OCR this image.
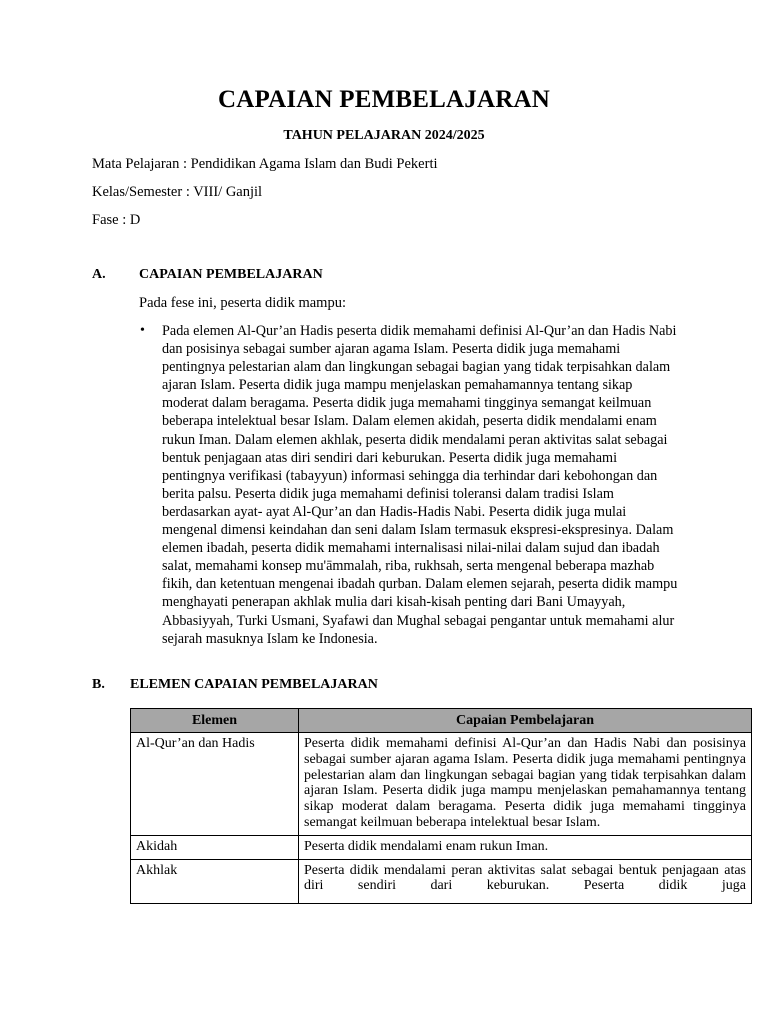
CAPAIAN PEMBELAJARAN
TAHUN PELAJARAN 2024/2025
Mata Pelajaran : Pendidikan Agama Islam dan Budi Pekerti
Kelas/Semester : VIII/ Ganjil
Fase : D
A. CAPAIAN PEMBELAJARAN
Pada fese ini, peserta didik mampu:
• Pada elemen Al-Qur’an Hadis peserta didik memahami definisi Al-Qur’an dan Hadis Nabi dan posisinya sebagai sumber ajaran agama Islam. Peserta didik juga memahami pentingnya pelestarian alam dan lingkungan sebagai bagian yang tidak terpisahkan dalam ajaran Islam. Peserta didik juga mampu menjelaskan pemahamannya tentang sikap moderat dalam beragama. Peserta didik juga memahami tingginya semangat keilmuan beberapa intelektual besar Islam. Dalam elemen akidah, peserta didik mendalami enam rukun Iman. Dalam elemen akhlak, peserta didik mendalami peran aktivitas salat sebagai bentuk penjagaan atas diri sendiri dari keburukan. Peserta didik juga memahami pentingnya verifikasi (tabayyun) informasi sehingga dia terhindar dari kebohongan dan berita palsu. Peserta didik juga memahami definisi toleransi dalam tradisi Islam berdasarkan ayat- ayat Al-Qur’an dan Hadis-Hadis Nabi. Peserta didik juga mulai mengenal dimensi keindahan dan seni dalam Islam termasuk ekspresi-ekspresinya. Dalam elemen ibadah, peserta didik memahami internalisasi nilai-nilai dalam sujud dan ibadah salat, memahami konsep mu'āmmalah, riba, rukhsah, serta mengenal beberapa mazhab fikih, dan ketentuan mengenai ibadah qurban. Dalam elemen sejarah, peserta didik mampu menghayati penerapan akhlak mulia dari kisah-kisah penting dari Bani Umayyah, Abbasiyyah, Turki Usmani, Syafawi dan Mughal sebagai pengantar untuk memahami alur sejarah masuknya Islam ke Indonesia.
B. ELEMEN CAPAIAN PEMBELAJARAN
Elemen	Capaian Pembelajaran
Al-Qur’an dan Hadis	Peserta didik memahami definisi Al-Qur’an dan Hadis Nabi dan posisinya sebagai sumber ajaran agama Islam. Peserta didik juga memahami pentingnya pelestarian alam dan lingkungan sebagai bagian yang tidak terpisahkan dalam ajaran Islam. Peserta didik juga mampu menjelaskan pemahamannya tentang sikap moderat dalam beragama. Peserta didik juga memahami tingginya semangat keilmuan beberapa intelektual besar Islam.
Akidah	Peserta didik mendalami enam rukun Iman.
Akhlak	Peserta didik mendalami peran aktivitas salat sebagai bentuk penjagaan atas diri sendiri dari keburukan. Peserta didik juga
